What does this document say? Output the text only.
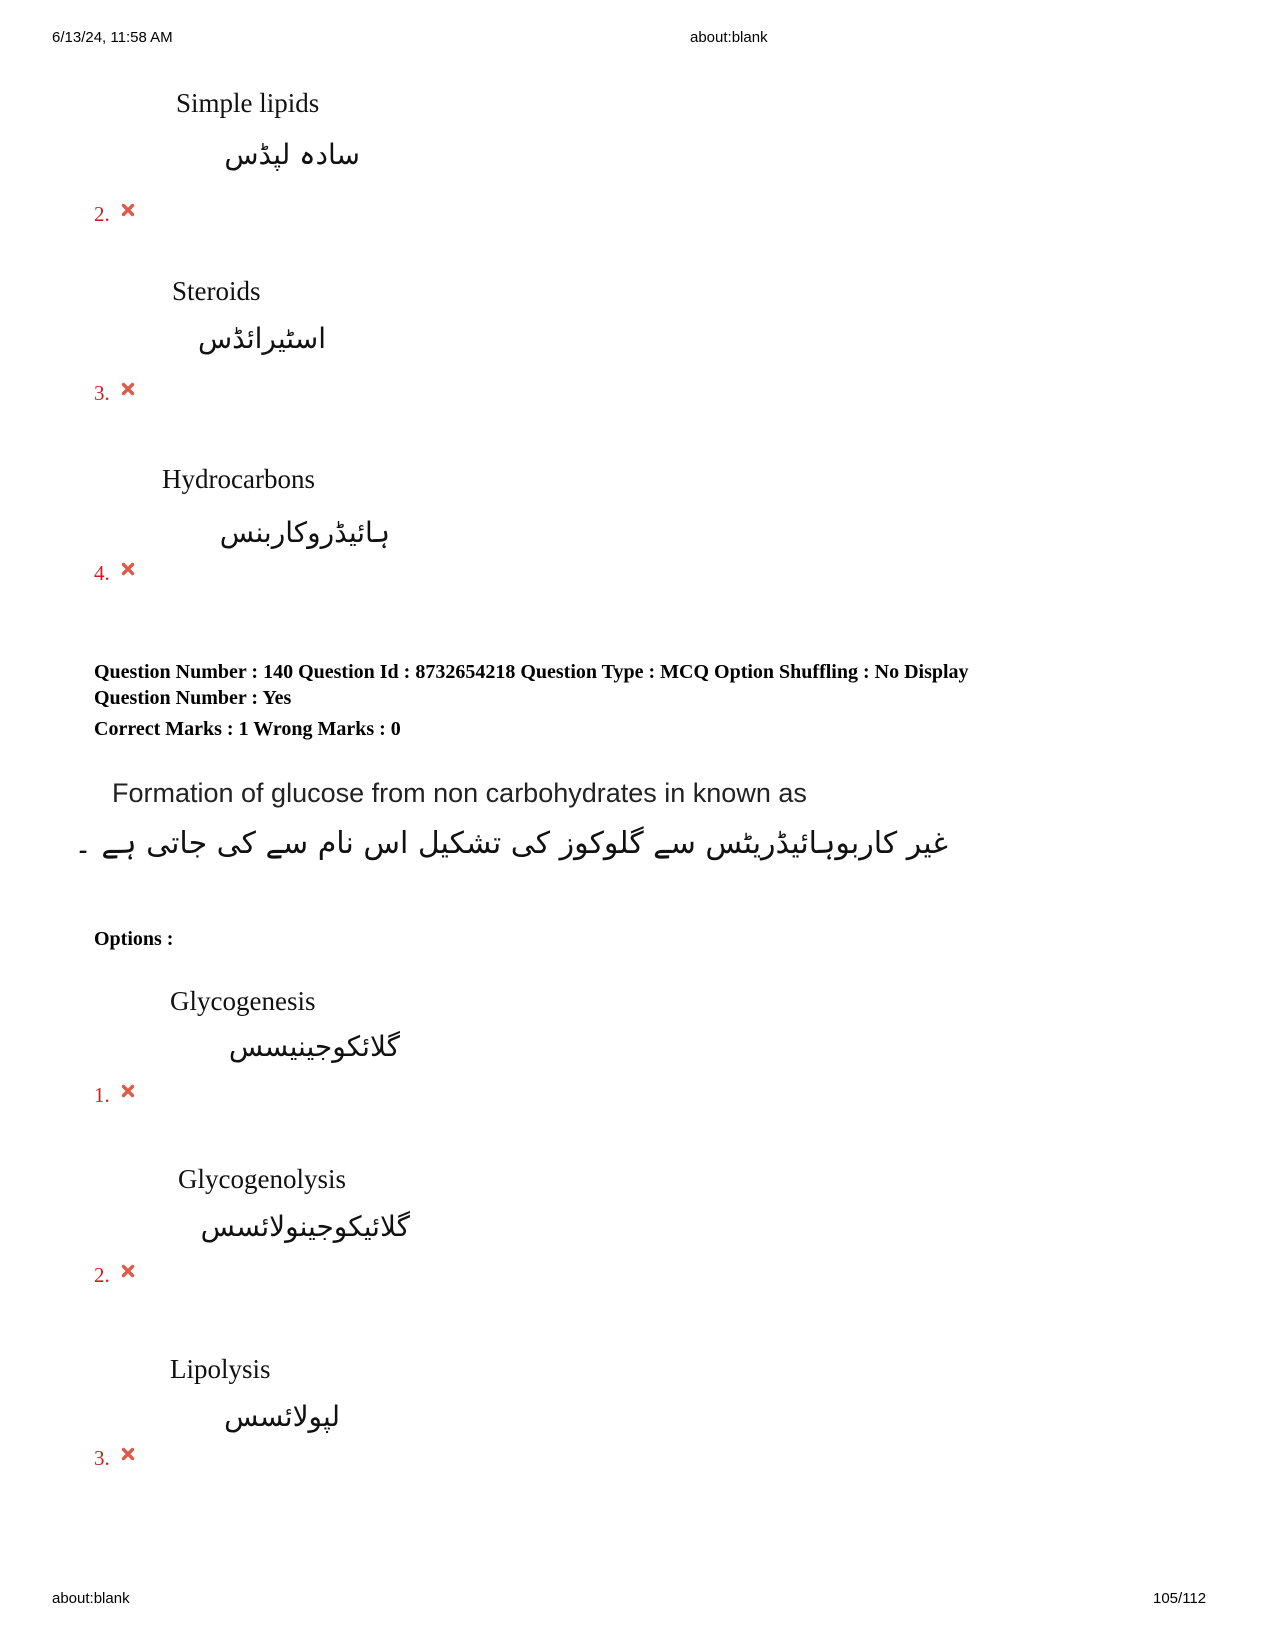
6/13/24, 11:58 AM	about:blank
Simple lipids
سادہ لپڈس
2.
Steroids
اسٹیرائڈس
3.
Hydrocarbons
ہائیڈروکاربنس
4.
Question Number : 140 Question Id : 8732654218 Question Type : MCQ Option Shuffling : No Display
Question Number : Yes
Correct Marks : 1 Wrong Marks : 0
Formation of glucose from non carbohydrates in known as
غیر کاربوہائیڈریٹس سے گلوکوز کی تشکیل اس نام سے کی جاتی ہے ۔
Options :
Glycogenesis
گلائکوجینیسس
1.
Glycogenolysis
گلائیکوجینولائسس
2.
Lipolysis
لپولائسس
3.
about:blank	105/112
